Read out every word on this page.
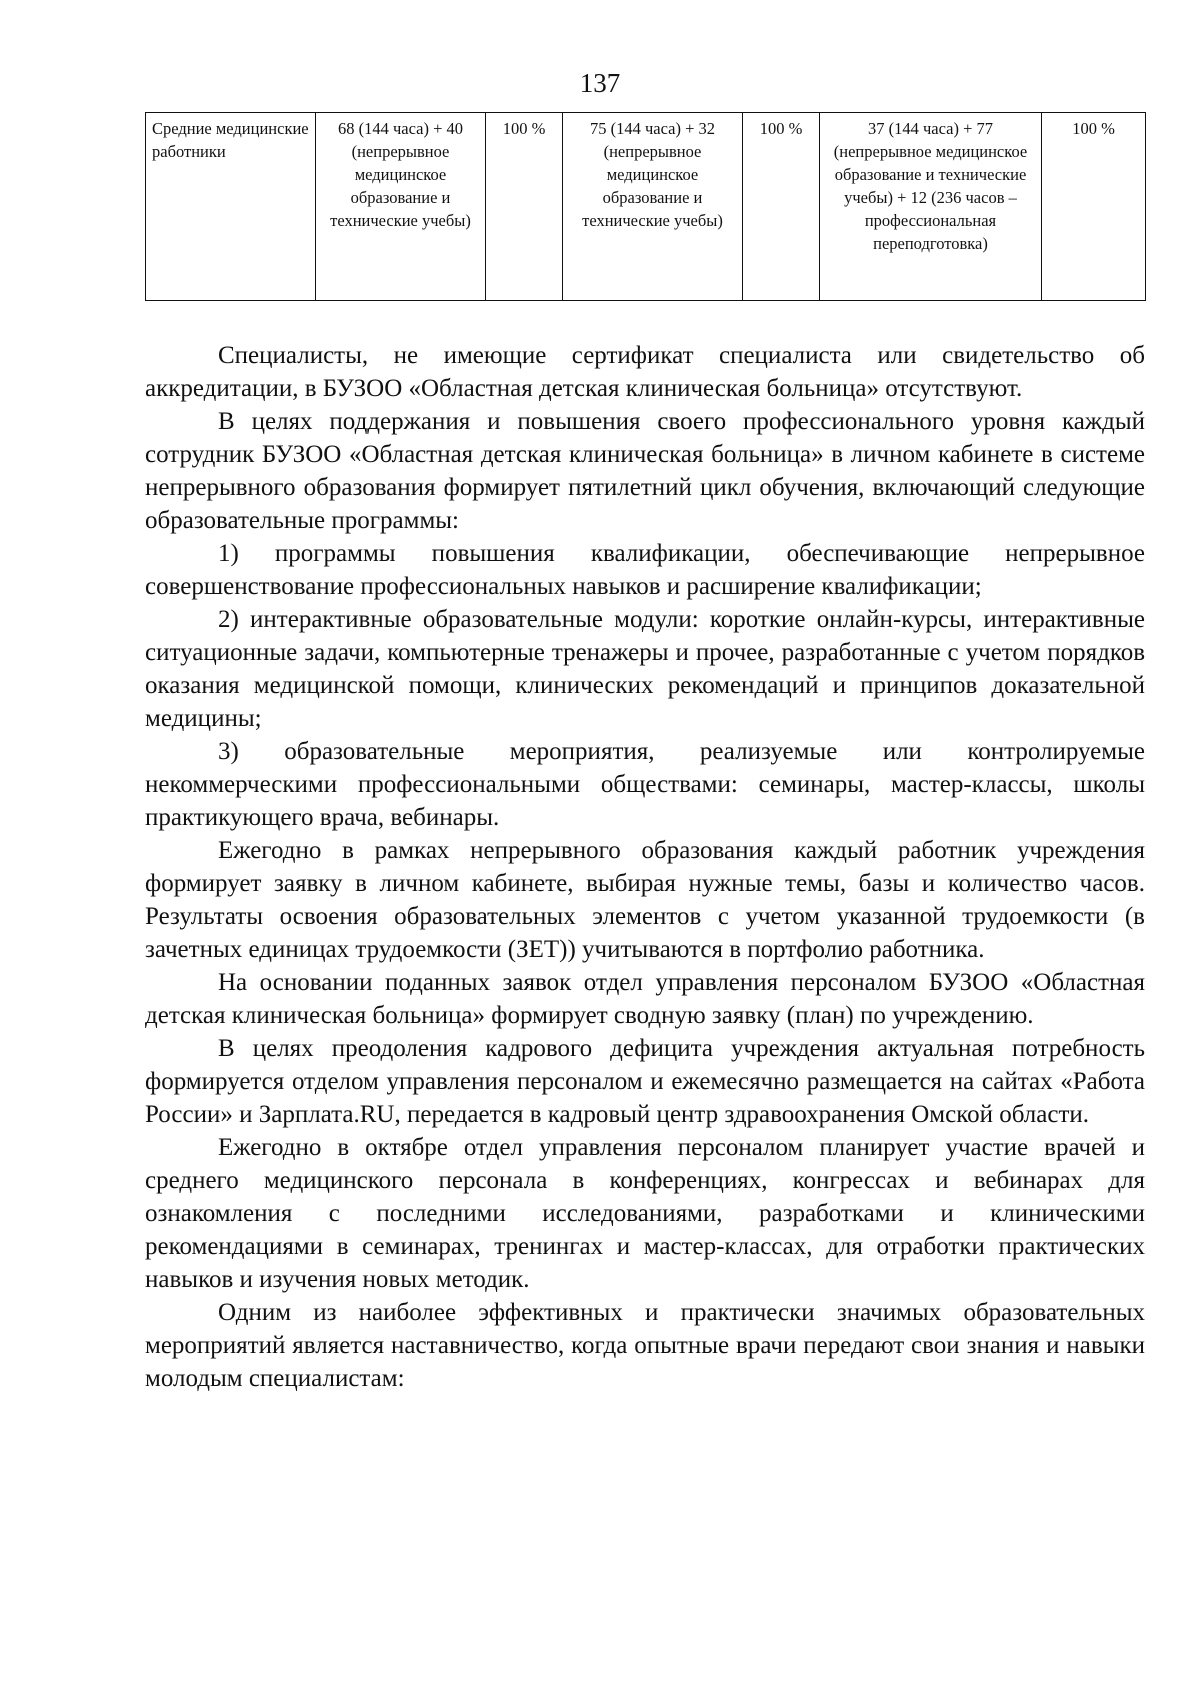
137
Средние медицинские работники	68 (144 часа) + 40 (непрерывное медицинское образование и технические учебы)	100 %	75 (144 часа) + 32 (непрерывное медицинское образование и технические учебы)	100 %	37 (144 часа) + 77 (непрерывное медицинское образование и технические учебы) + 12 (236 часов – профессиональная переподготовка)	100 %

Специалисты, не имеющие сертификат специалиста или свидетельство об аккредитации, в БУЗОО «Областная детская клиническая больница» отсутствуют.

В целях поддержания и повышения своего профессионального уровня каждый сотрудник БУЗОО «Областная детская клиническая больница» в личном кабинете в системе непрерывного образования формирует пятилетний цикл обучения, включающий следующие образовательные программы:

1) программы повышения квалификации, обеспечивающие непрерывное совершенствование профессиональных навыков и расширение квалификации;

2) интерактивные образовательные модули: короткие онлайн-курсы, интерактивные ситуационные задачи, компьютерные тренажеры и прочее, разработанные с учетом порядков оказания медицинской помощи, клинических рекомендаций и принципов доказательной медицины;

3) образовательные мероприятия, реализуемые или контролируемые некоммерческими профессиональными обществами: семинары, мастер-классы, школы практикующего врача, вебинары.

Ежегодно в рамках непрерывного образования каждый работник учреждения формирует заявку в личном кабинете, выбирая нужные темы, базы и количество часов. Результаты освоения образовательных элементов с учетом указанной трудоемкости (в зачетных единицах трудоемкости (ЗЕТ)) учитываются в портфолио работника.

На основании поданных заявок отдел управления персоналом БУЗОО «Областная детская клиническая больница» формирует сводную заявку (план) по учреждению.

В целях преодоления кадрового дефицита учреждения актуальная потребность формируется отделом управления персоналом и ежемесячно размещается на сайтах «Работа России» и Зарплата.RU, передается в кадровый центр здравоохранения Омской области.

Ежегодно в октябре отдел управления персоналом планирует участие врачей и среднего медицинского персонала в конференциях, конгрессах и вебинарах для ознакомления с последними исследованиями, разработками и клиническими рекомендациями в семинарах, тренингах и мастер-классах, для отработки практических навыков и изучения новых методик.

Одним из наиболее эффективных и практически значимых образовательных мероприятий является наставничество, когда опытные врачи передают свои знания и навыки молодым специалистам:
